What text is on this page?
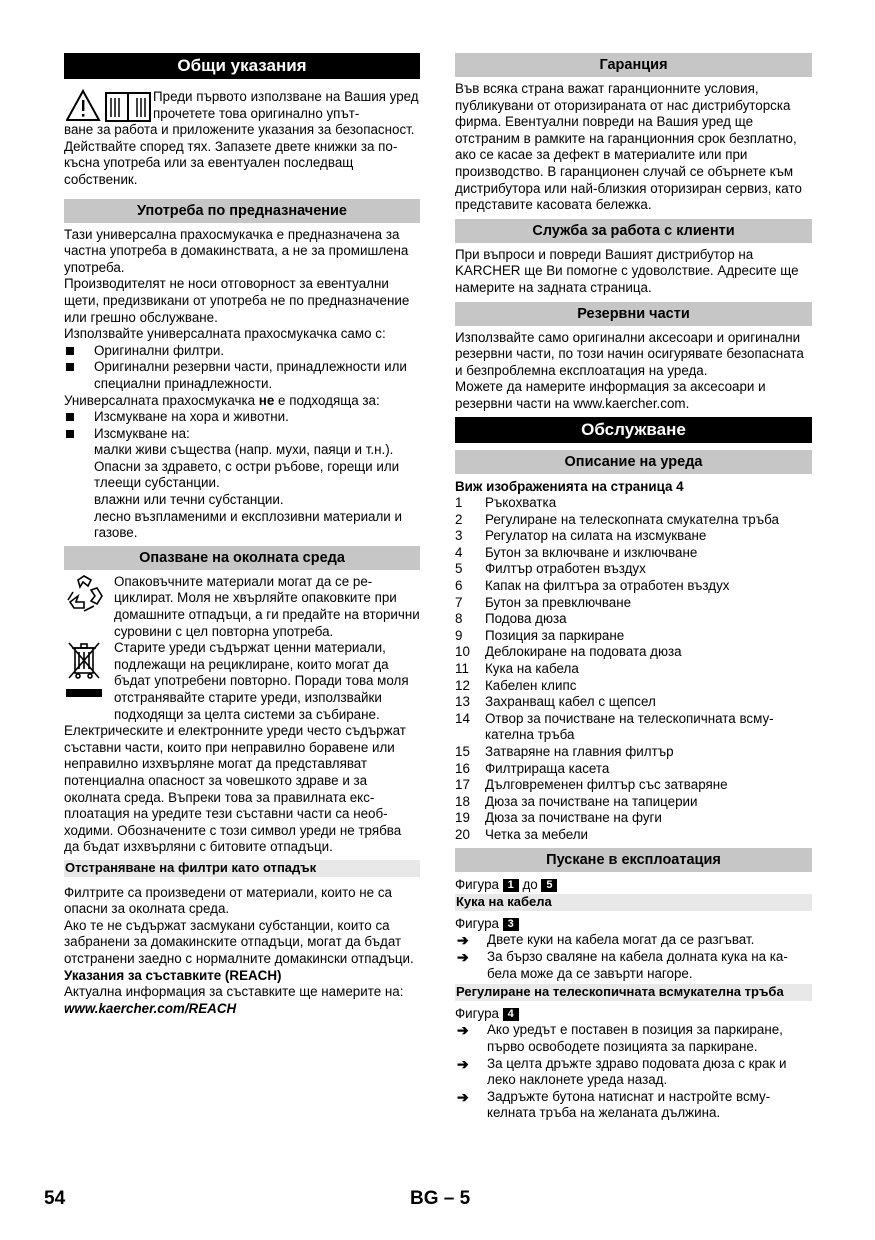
Общи указания

Преди първото използване на Вашия уред прочетете това оригинално упът-

ване за работа и приложените указания за безопасност. Действайте според тях. Запазете двете книжки за по-късна употреба или за евентуален последващ собственик.

Употреба по предназначение

Тази универсална прахосмукачка е предназначена за частна употреба в домакинствата, а не за промишлена употреба.

Производителят не носи отговорност за евентуални щети, предизвикани от употреба не по предназначение или грешно обслужване.

Използвайте универсалната прахосмукачка само с:

Оригинални филтри.
Оригинални резервни части, принадлежности или специални принадлежности.

Универсалната прахосмукачка не е подходяща за:

Изсмукване на хора и животни.
Изсмукване на:

малки живи същества (напр. мухи, паяци и т.н.).

Опасни за здравето, с остри ръбове, горещи или тлеещи субстанции.

влажни или течни субстанции.

лесно възпламеними и експлозивни материали и газове.

Опазване на околната среда

Опаковъчните материали могат да се рециклират. Моля не хвърляйте опаковките при домашните отпадъци, а ги предайте на вторични суровини с цел повторна употреба.

Старите уреди съдържат ценни материали, подлежащи на рециклиране, които могат да бъдат употребени повторно. Поради това моля отстранявайте старите уреди, използвайки подходящи за целта системи за събиране.

Електрическите и електронните уреди често съдържат съставни части, които при неправилно боравене или неправилно изхвърляне могат да представляват потенциална опасност за човешкото здраве и за околната среда. Въпреки това за правилната експлоатация на уредите тези съставни части са необходими. Обозначените с този символ уреди не трябва да бъдат изхвърляни с битовите отпадъци.

Отстраняване на филтри като отпадък

Филтрите са произведени от материали, които не са опасни за околната среда.

Ако те не съдържат засмукани субстанции, които са забранени за домакинските отпадъци, могат да бъдат отстранени заедно с нормалните домакински отпадъци.

Указания за съставките (REACH)

Актуална информация за съставките ще намерите на:

www.kaercher.com/REACH

Гаранция

Във всяка страна важат гаранционните условия, публикувани от оторизираната от нас дистрибуторска фирма. Евентуални повреди на Вашия уред ще отстраним в рамките на гаранционния срок безплатно, ако се касае за дефект в материалите или при производство. В гаранционен случай се обърнете към дистрибутора или най-близкия оторизиран сервиз, като представите касовата бележка.

Служба за работа с клиенти

При въпроси и повреди Вашият дистрибутор на KARCHER ще Ви помогне с удоволствие. Адресите ще намерите на задната страница.

Резервни части

Използвайте само оригинални аксесоари и оригинални резервни части, по този начин осигурявате безопасната и безпроблемна експлоатация на уреда.

Можете да намерите информация за аксесоари и резервни части на www.kaercher.com.

Обслужване
Описание на уреда

Виж изображенията на страница 4

1	Ръкохватка
2	Регулиране на телескопната смукателна тръба
3	Регулатор на силата на изсмукване
4	Бутон за включване и изключване
5	Филтър отработен въздух
6	Капак на филтъра за отработен въздух
7	Бутон за превключване
8	Подова дюза
9	Позиция за паркиране
10	Деблокиране на подовата дюза
11	Кука на кабела
12	Кабелен клипс
13	Захранващ кабел с щепсел
14	Отвор за почистване на телескопичната всмукателна тръба
15	Затваряне на главния филтър
16	Филтрираща касета
17	Дълговременен филтър със затваряне
18	Дюза за почистване на тапицерии
19	Дюза за почистване на фуги
20	Четка за мебели
Пускане в експлоатация

Фигура 1 до 5

Кука на кабела

Фигура 3

➔	Двете куки на кабела могат да се разгъват.
➔	За бързо сваляне на кабела долната кука на кабела може да се завърти нагоре.
Регулиране на телескопичната всмукателна тръба

Фигура 4

➔	Ако уредът е поставен в позиция за паркиране, първо освободете позицията за паркиране.
➔	За целта дръжте здраво подовата дюза с крак и леко наклонете уреда назад.
➔	Задръжте бутона натиснат и настройте всмукелната тръба на желаната дължина.
54	BG – 5
